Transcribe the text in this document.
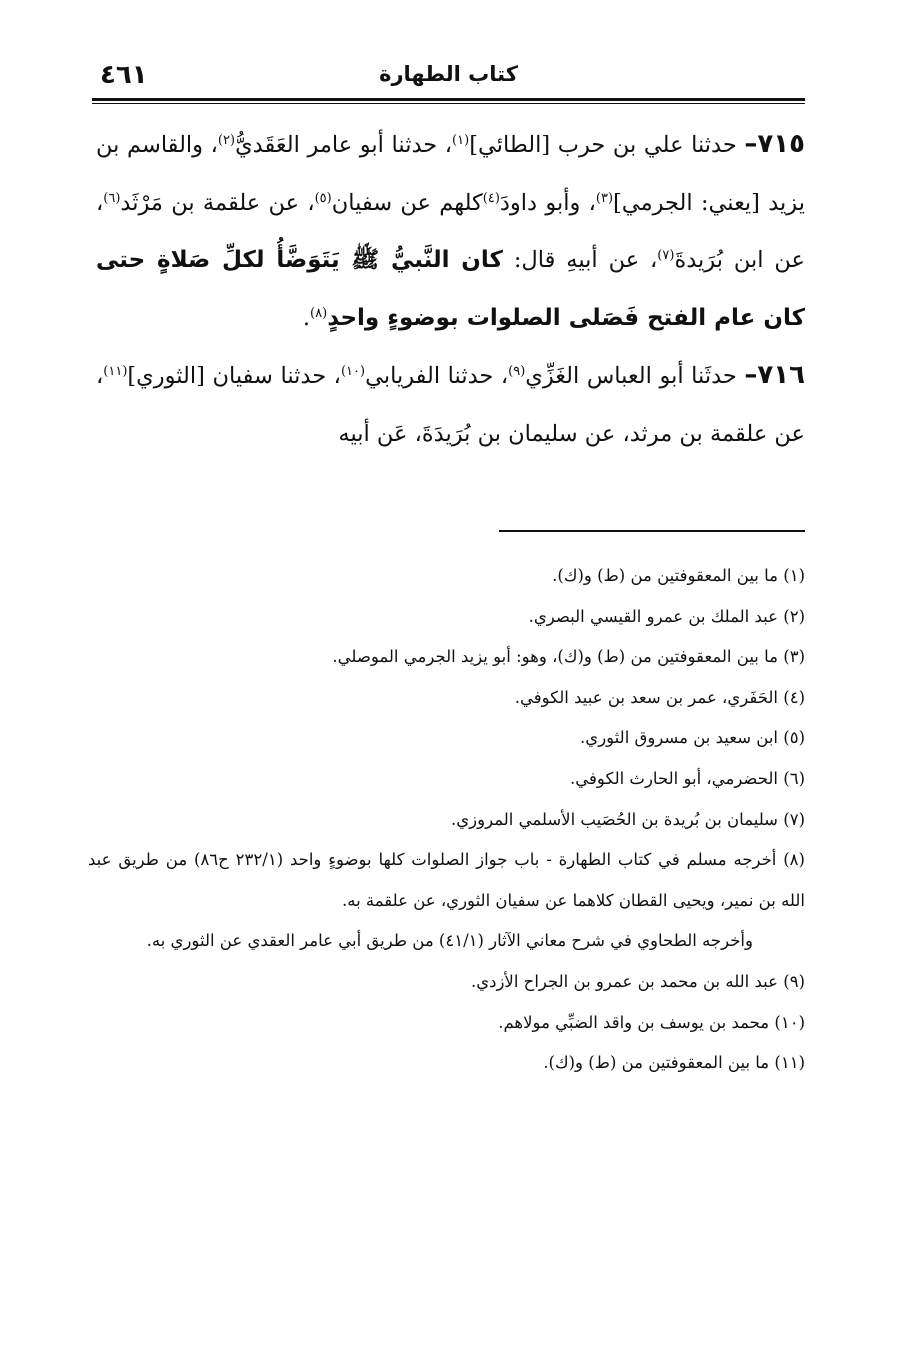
٤٦١	كتاب الطهارة

٧١٥– حدثنا علي بن حرب [الطائي]$^{(١)}$، حدثنا أبو عامر العَقَديُّ$^{(٢)}$، والقاسم بن يزيد [يعني: الجرمي]$^{(٣)}$، وأبو داودَ$^{(٤)}$كلهم عن سفيان$^{(٥)}$، عن علقمة بن مَرْثَد$^{(٦)}$، عن ابن بُرَيدةَ$^{(٧)}$، عن أبيهِ قال: كان النَّبيُّ ﷺ يَتَوَضَّأُ لكلِّ صَلاةٍ حتى كان عام الفتح فَصَلى الصلوات بوضوءٍ واحدٍ$^{(٨)}$.

٧١٦– حدثَنا أبو العباس الغَزِّي$^{(٩)}$، حدثنا الفريابي$^{(١٠)}$، حدثنا سفيان [الثوري]$^{(١١)}$، عن علقمة بن مرثد، عن سليمان بن بُرَيدَةَ، عَن أبيه

(١) ما بين المعقوفتين من (ط) و(ك).

(٢) عبد الملك بن عمرو القيسي البصري.

(٣) ما بين المعقوفتين من (ط) و(ك)، وهو: أبو يزيد الجرمي الموصلي.

(٤) الحَفَري، عمر بن سعد بن عبيد الكوفي.

(٥) ابن سعيد بن مسروق الثوري.

(٦) الحضرمي، أبو الحارث الكوفي.

(٧) سليمان بن بُريدة بن الحُصَيب الأسلمي المروزي.

(٨) أخرجه مسلم في كتاب الطهارة - باب جواز الصلوات كلها بوضوءٍ واحد (٢٣٢/١ ح٨٦) من طريق عبد الله بن نمير، ويحيى القطان كلاهما عن سفيان الثوري، عن علقمة به.

وأخرجه الطحاوي في شرح معاني الآثار (٤١/١) من طريق أبي عامر العقدي عن الثوري به.

(٩) عبد الله بن محمد بن عمرو بن الجراح الأزدي.

(١٠) محمد بن يوسف بن واقد الضبِّي مولاهم.

(١١) ما بين المعقوفتين من (ط) و(ك).
